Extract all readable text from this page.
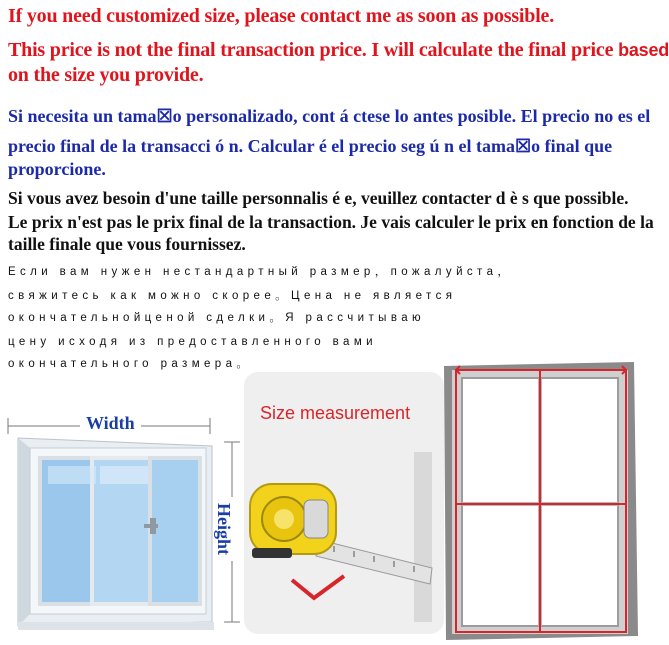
If you need customized size, please contact me as soon as possible.
This price is not the final transaction price. I will calculate the final price based
on the size you provide.
Si necesita un tama☒o personalizado, cont á ctese lo antes posible. El precio no es el
precio final de la transacci ó n. Calcular é el precio seg ú n el tama☒o final que
proporcione.
Si vous avez besoin d'une taille personnalis é e, veuillez contacter d è s que possible.
Le prix n'est pas le prix final de la transaction. Je vais calculer le prix en fonction de la
taille finale que vous fournissez.
Если вам нужен нестандартный размер，пожалуйста，
свяжитесь как можно скорее。Цена не является
окончательнойценой сделки。Я рассчитываю
цену исходя из предоставленного вами
окончательного размера。
Width
Height
Size measurement
